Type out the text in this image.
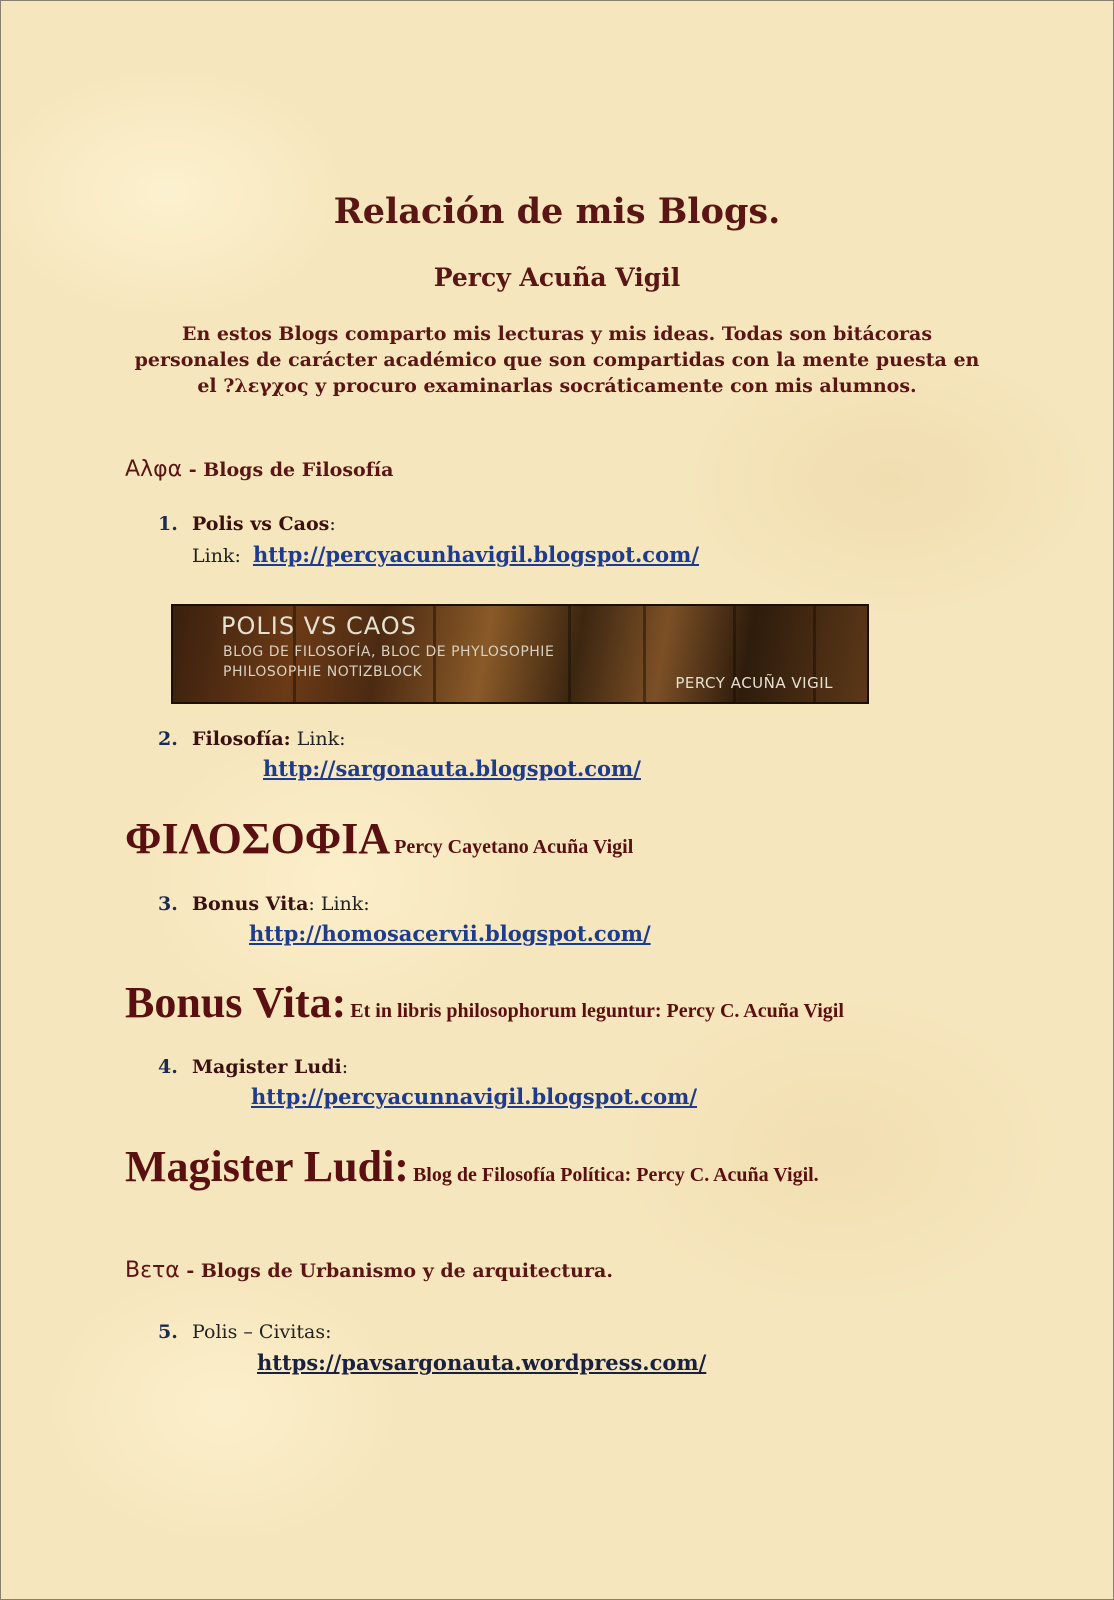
Relación de mis Blogs.
Percy Acuña Vigil
En estos Blogs comparto mis lecturas y mis ideas. Todas son bitácoras personales de carácter académico que son compartidas con la mente puesta en el ?λεγχος y procuro examinarlas socráticamente con mis alumnos.
Αλφα - Blogs de Filosofía
1. Polis vs Caos:
Link: http://percyacunhavigil.blogspot.com/
POLIS VS CAOS
BLOG DE FILOSOFÍA, BLOC DE PHYLOSOPHIE
PHILOSOPHIE NOTIZBLOCK
PERCY ACUÑA VIGIL
2. Filosofía: Link:
http://sargonauta.blogspot.com/
ΦΙΛΟΣΟΦΙΑ Percy Cayetano Acuña Vigil
3. Bonus Vita: Link:
http://homosacervii.blogspot.com/
Bonus Vita: Et in libris philosophorum leguntur: Percy C. Acuña Vigil
4. Magister Ludi:
http://percyacunnavigil.blogspot.com/
Magister Ludi: Blog de Filosofía Política: Percy C. Acuña Vigil.
Βετα - Blogs de Urbanismo y de arquitectura.
5. Polis – Civitas:
https://pavsargonauta.wordpress.com/
